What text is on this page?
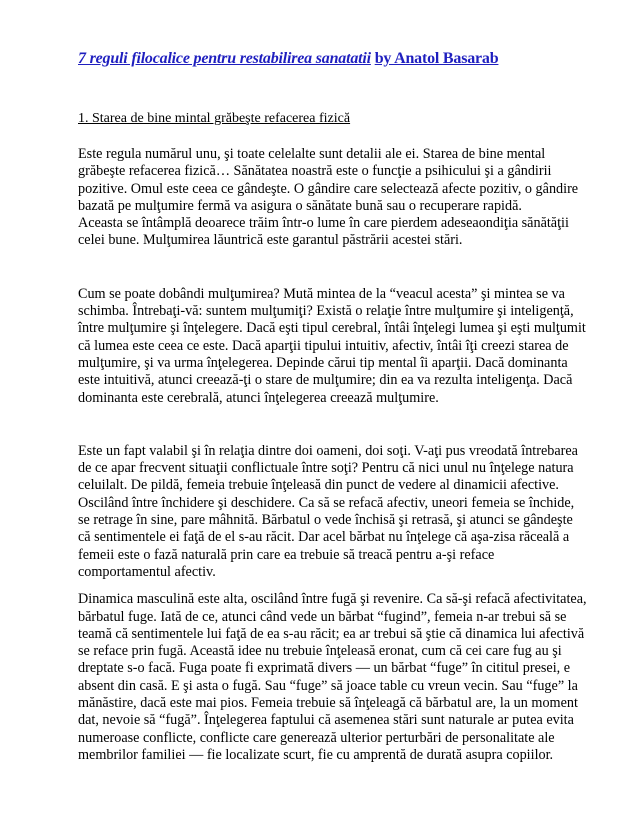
7 reguli filocalice pentru restabilirea sanatatii by Anatol Basarab
1. Starea de bine mintal grăbeşte refacerea fizică

Este regula numărul unu, şi toate celelalte sunt detalii ale ei. Starea de bine mental
grăbeşte refacerea fizică… Sănătatea noastră este o funcţie a psihicului şi a gândirii
pozitive. Omul este ceea ce gândeşte. O gândire care selectează afecte pozitiv, o gândire
bazată pe mulţumire fermă va asigura o sănătate bună sau o recuperare rapidă.
Aceasta se întâmplă deoarece trăim într-o lume în care pierdem adeseaondiţia sănătăţii
celei bune. Mulţumirea lăuntrică este garantul păstrării acestei stări.

Cum se poate dobândi mulţumirea? Mută mintea de la “veacul acesta” şi mintea se va
schimba. Întrebaţi-vă: suntem mulţumiţi? Există o relaţie între mulţumire şi inteligenţă,
între mulţumire şi înţelegere. Dacă eşti tipul cerebral, întâi înţelegi lumea şi eşti mulţumit
că lumea este ceea ce este. Dacă aparţii tipului intuitiv, afectiv, întâi îţi creezi starea de
mulţumire, şi va urma înţelegerea. Depinde cărui tip mental îi aparţii. Dacă dominanta
este intuitivă, atunci creează-ţi o stare de mulţumire; din ea va rezulta inteligenţa. Dacă
dominanta este cerebrală, atunci înţelegerea creează mulţumire.

Este un fapt valabil şi în relaţia dintre doi oameni, doi soţi. V-aţi pus vreodată întrebarea
de ce apar frecvent situaţii conflictuale între soţi? Pentru că nici unul nu înţelege natura
celuilalt. De pildă, femeia trebuie înţeleasă din punct de vedere al dinamicii afective.
Oscilând între închidere şi deschidere. Ca să se refacă afectiv, uneori femeia se închide,
se retrage în sine, pare mâhnită. Bărbatul o vede închisă şi retrasă, şi atunci se gândeşte
că sentimentele ei faţă de el s-au răcit. Dar acel bărbat nu înţelege că aşa-zisa răceală a
femeii este o fază naturală prin care ea trebuie să treacă pentru a-şi reface
comportamentul afectiv.

Dinamica masculină este alta, oscilând între fugă şi revenire. Ca să-şi refacă afectivitatea,
bărbatul fuge. Iată de ce, atunci când vede un bărbat “fugind”, femeia n-ar trebui să se
teamă că sentimentele lui faţă de ea s-au răcit; ea ar trebui să ştie că dinamica lui afectivă
se reface prin fugă. Această idee nu trebuie înţeleasă eronat, cum că cei care fug au şi
dreptate s-o facă. Fuga poate fi exprimată divers — un bărbat “fuge” în cititul presei, e
absent din casă. E şi asta o fugă. Sau “fuge” să joace table cu vreun vecin. Sau “fuge” la
mănăstire, dacă este mai pios. Femeia trebuie să înţeleagă că bărbatul are, la un moment
dat, nevoie să “fugă”. Înţelegerea faptului că asemenea stări sunt naturale ar putea evita
numeroase conflicte, conflicte care generează ulterior perturbări de personalitate ale
membrilor familiei — fie localizate scurt, fie cu amprentă de durată asupra copiilor.
